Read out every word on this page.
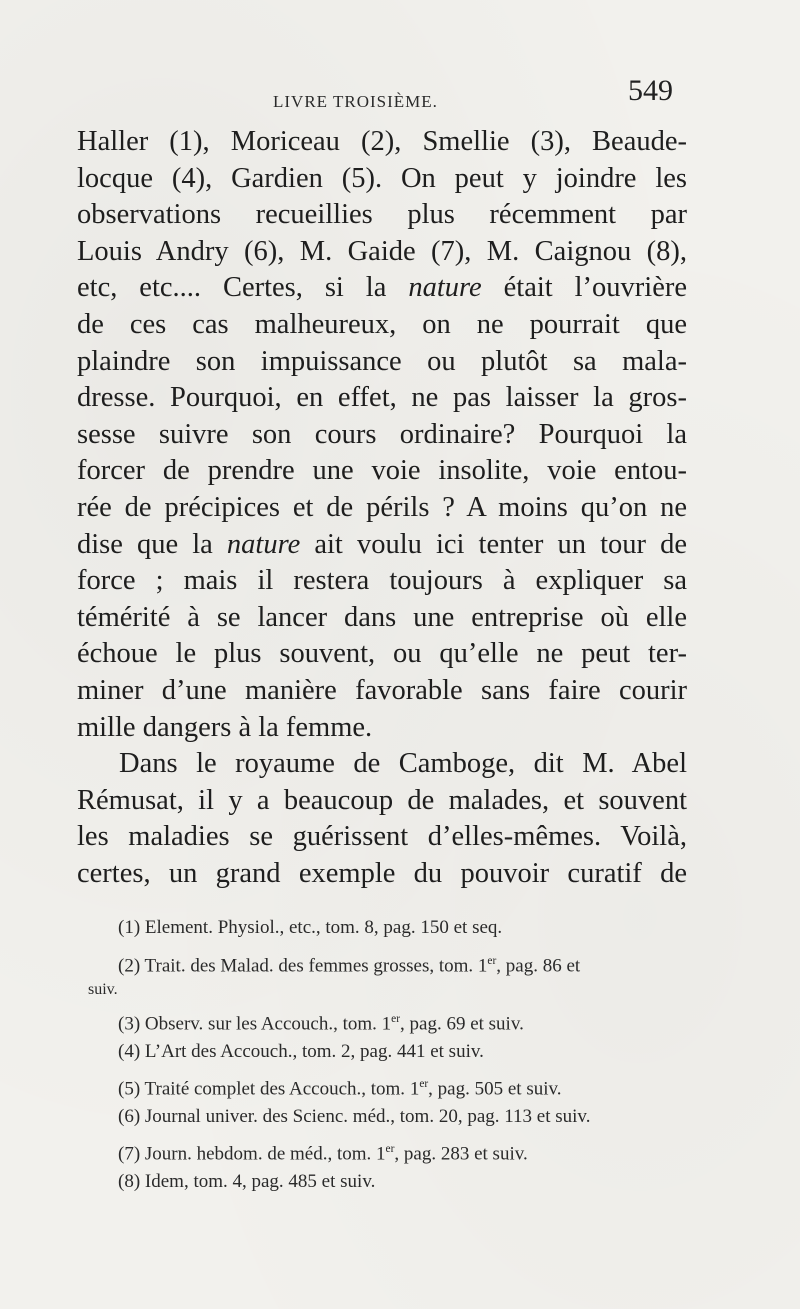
LIVRE TROISIÈME.	549
Haller (1), Moriceau (2), Smellie (3), Beaude-
locque (4), Gardien (5). On peut y joindre les
observations recueillies plus récemment par
Louis Andry (6), M. Gaide (7), M. Caignou (8),
etc, etc.... Certes, si la nature était l’ouvrière
de ces cas malheureux, on ne pourrait que
plaindre son impuissance ou plutôt sa mala-
dresse. Pourquoi, en effet, ne pas laisser la gros-
sesse suivre son cours ordinaire? Pourquoi la
forcer de prendre une voie insolite, voie entou-
rée de précipices et de périls ? A moins qu’on ne
dise que la nature ait voulu ici tenter un tour de
force ; mais il restera toujours à expliquer sa
témérité à se lancer dans une entreprise où elle
échoue le plus souvent, ou qu’elle ne peut ter-
miner d’une manière favorable sans faire courir
mille dangers à la femme.
Dans le royaume de Camboge, dit M. Abel
Rémusat, il y a beaucoup de malades, et souvent
les maladies se guérissent d’elles-mêmes. Voilà,
certes, un grand exemple du pouvoir curatif de
(1) Element. Physiol., etc., tom. 8, pag. 150 et seq.
(2) Trait. des Malad. des femmes grosses, tom. 1er, pag. 86 et
suiv.
(3) Observ. sur les Accouch., tom. 1er, pag. 69 et suiv.
(4) L’Art des Accouch., tom. 2, pag. 441 et suiv.
(5) Traité complet des Accouch., tom. 1er, pag. 505 et suiv.
(6) Journal univer. des Scienc. méd., tom. 20, pag. 113 et suiv.
(7) Journ. hebdom. de méd., tom. 1er, pag. 283 et suiv.
(8) Idem, tom. 4, pag. 485 et suiv.
